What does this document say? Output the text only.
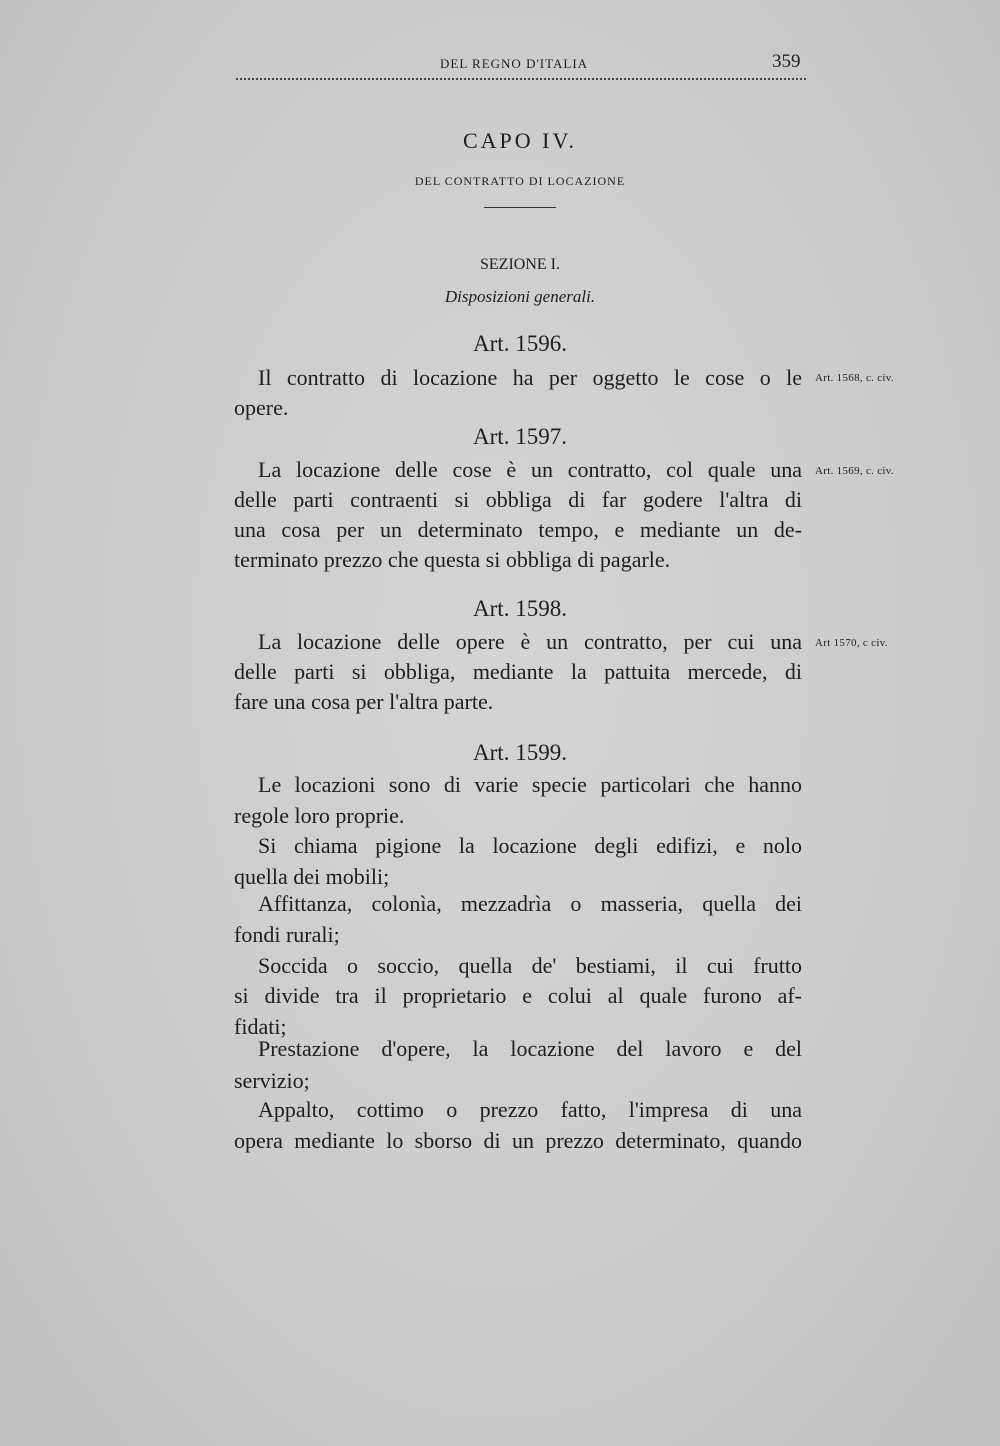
DEL REGNO D'ITALIA	359
CAPO IV.
DEL CONTRATTO DI LOCAZIONE
SEZIONE I.
Disposizioni generali.
Art. 1596.
Il contratto di locazione ha per oggetto le cose o le
opere.
Art. 1568, c. civ.
Art. 1597.
La locazione delle cose è un contratto, col quale una
delle parti contraenti si obbliga di far godere l'altra di
una cosa per un determinato tempo, e mediante un de-
terminato prezzo che questa si obbliga di pagarle.
Art. 1569, c. civ.
Art. 1598.
La locazione delle opere è un contratto, per cui una
delle parti si obbliga, mediante la pattuita mercede, di
fare una cosa per l'altra parte.
Art 1570, c civ.
Art. 1599.
Le locazioni sono di varie specie particolari che hanno
regole loro proprie.
Si chiama pigione la locazione degli edifizi, e nolo
quella dei mobili;
Affittanza, colonìa, mezzadrìa o masseria, quella dei
fondi rurali;
Soccida o soccio, quella de' bestiami, il cui frutto
si divide tra il proprietario e colui al quale furono af-
fidati;
Prestazione d'opere, la locazione del lavoro e del
servizio;
Appalto, cottimo o prezzo fatto, l'impresa di una
opera mediante lo sborso di un prezzo determinato, quando
